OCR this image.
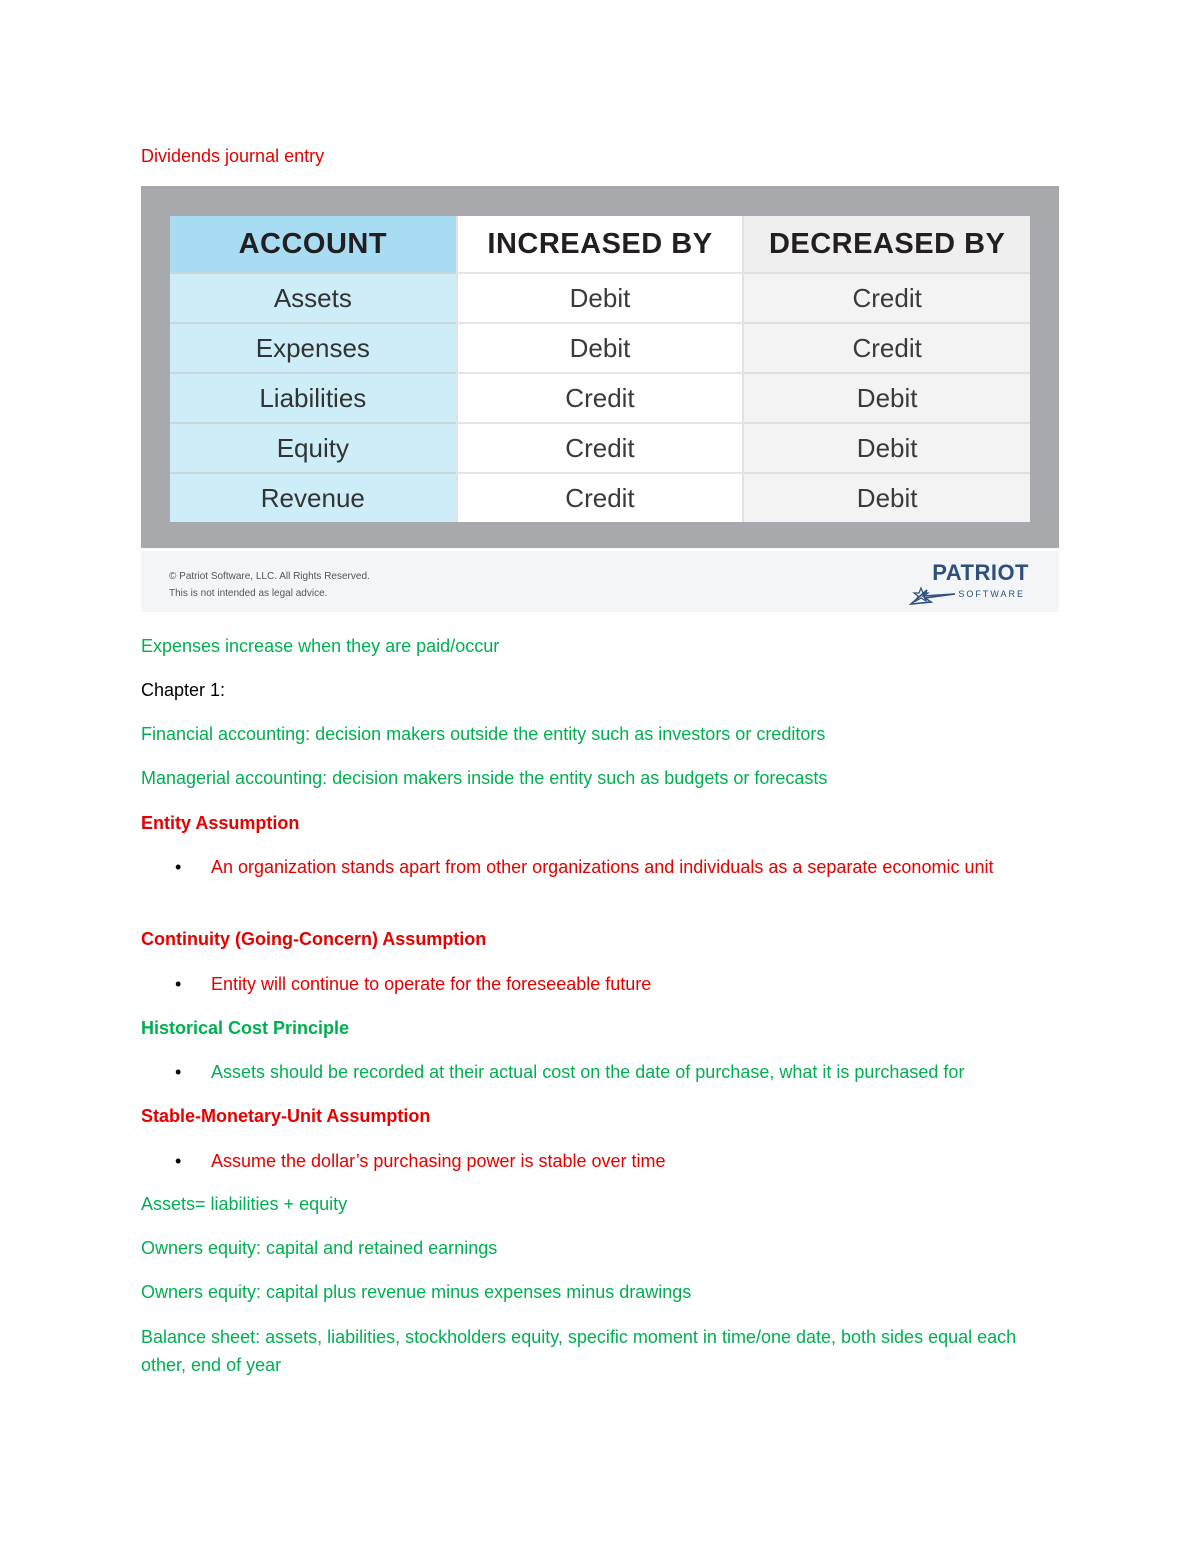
Dividends journal entry
ACCOUNT	INCREASED BY	DECREASED BY
Assets	Debit	Credit
Expenses	Debit	Credit
Liabilities	Credit	Debit
Equity	Credit	Debit
Revenue	Credit	Debit
© Patriot Software, LLC. All Rights Reserved.
This is not intended as legal advice.
PATRIOT
SOFTWARE
Expenses increase when they are paid/occur
Chapter 1:
Financial accounting: decision makers outside the entity such as investors or creditors
Managerial accounting: decision makers inside the entity such as budgets or forecasts
Entity Assumption
• An organization stands apart from other organizations and individuals as a separate economic unit
Continuity (Going-Concern) Assumption
• Entity will continue to operate for the foreseeable future
Historical Cost Principle
• Assets should be recorded at their actual cost on the date of purchase, what it is purchased for
Stable-Monetary-Unit Assumption
• Assume the dollar’s purchasing power is stable over time
Assets= liabilities + equity
Owners equity: capital and retained earnings
Owners equity: capital plus revenue minus expenses minus drawings
Balance sheet: assets, liabilities, stockholders equity, specific moment in time/one date, both sides equal each other, end of year
